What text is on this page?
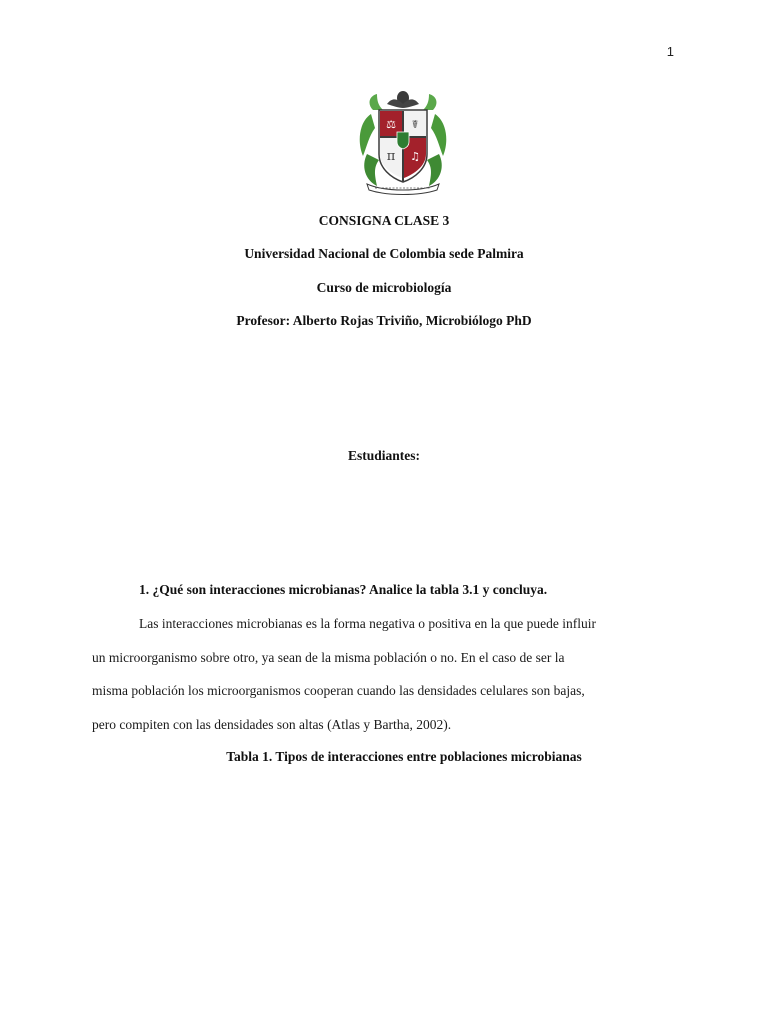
1
⚖ ☤
π ♫
CONSIGNA CLASE 3
Universidad Nacional de Colombia sede Palmira
Curso de microbiología
Profesor: Alberto Rojas Triviño, Microbiólogo PhD
Estudiantes:
1. ¿Qué son interacciones microbianas? Analice la tabla 3.1 y concluya.
Las interacciones microbianas es la forma negativa o positiva en la que puede influir
un microorganismo sobre otro, ya sean de la misma población o no. En el caso de ser la
misma población los microorganismos cooperan cuando las densidades celulares son bajas,
pero compiten con las densidades son altas (Atlas y Bartha, 2002).
Tabla 1. Tipos de interacciones entre poblaciones microbianas
